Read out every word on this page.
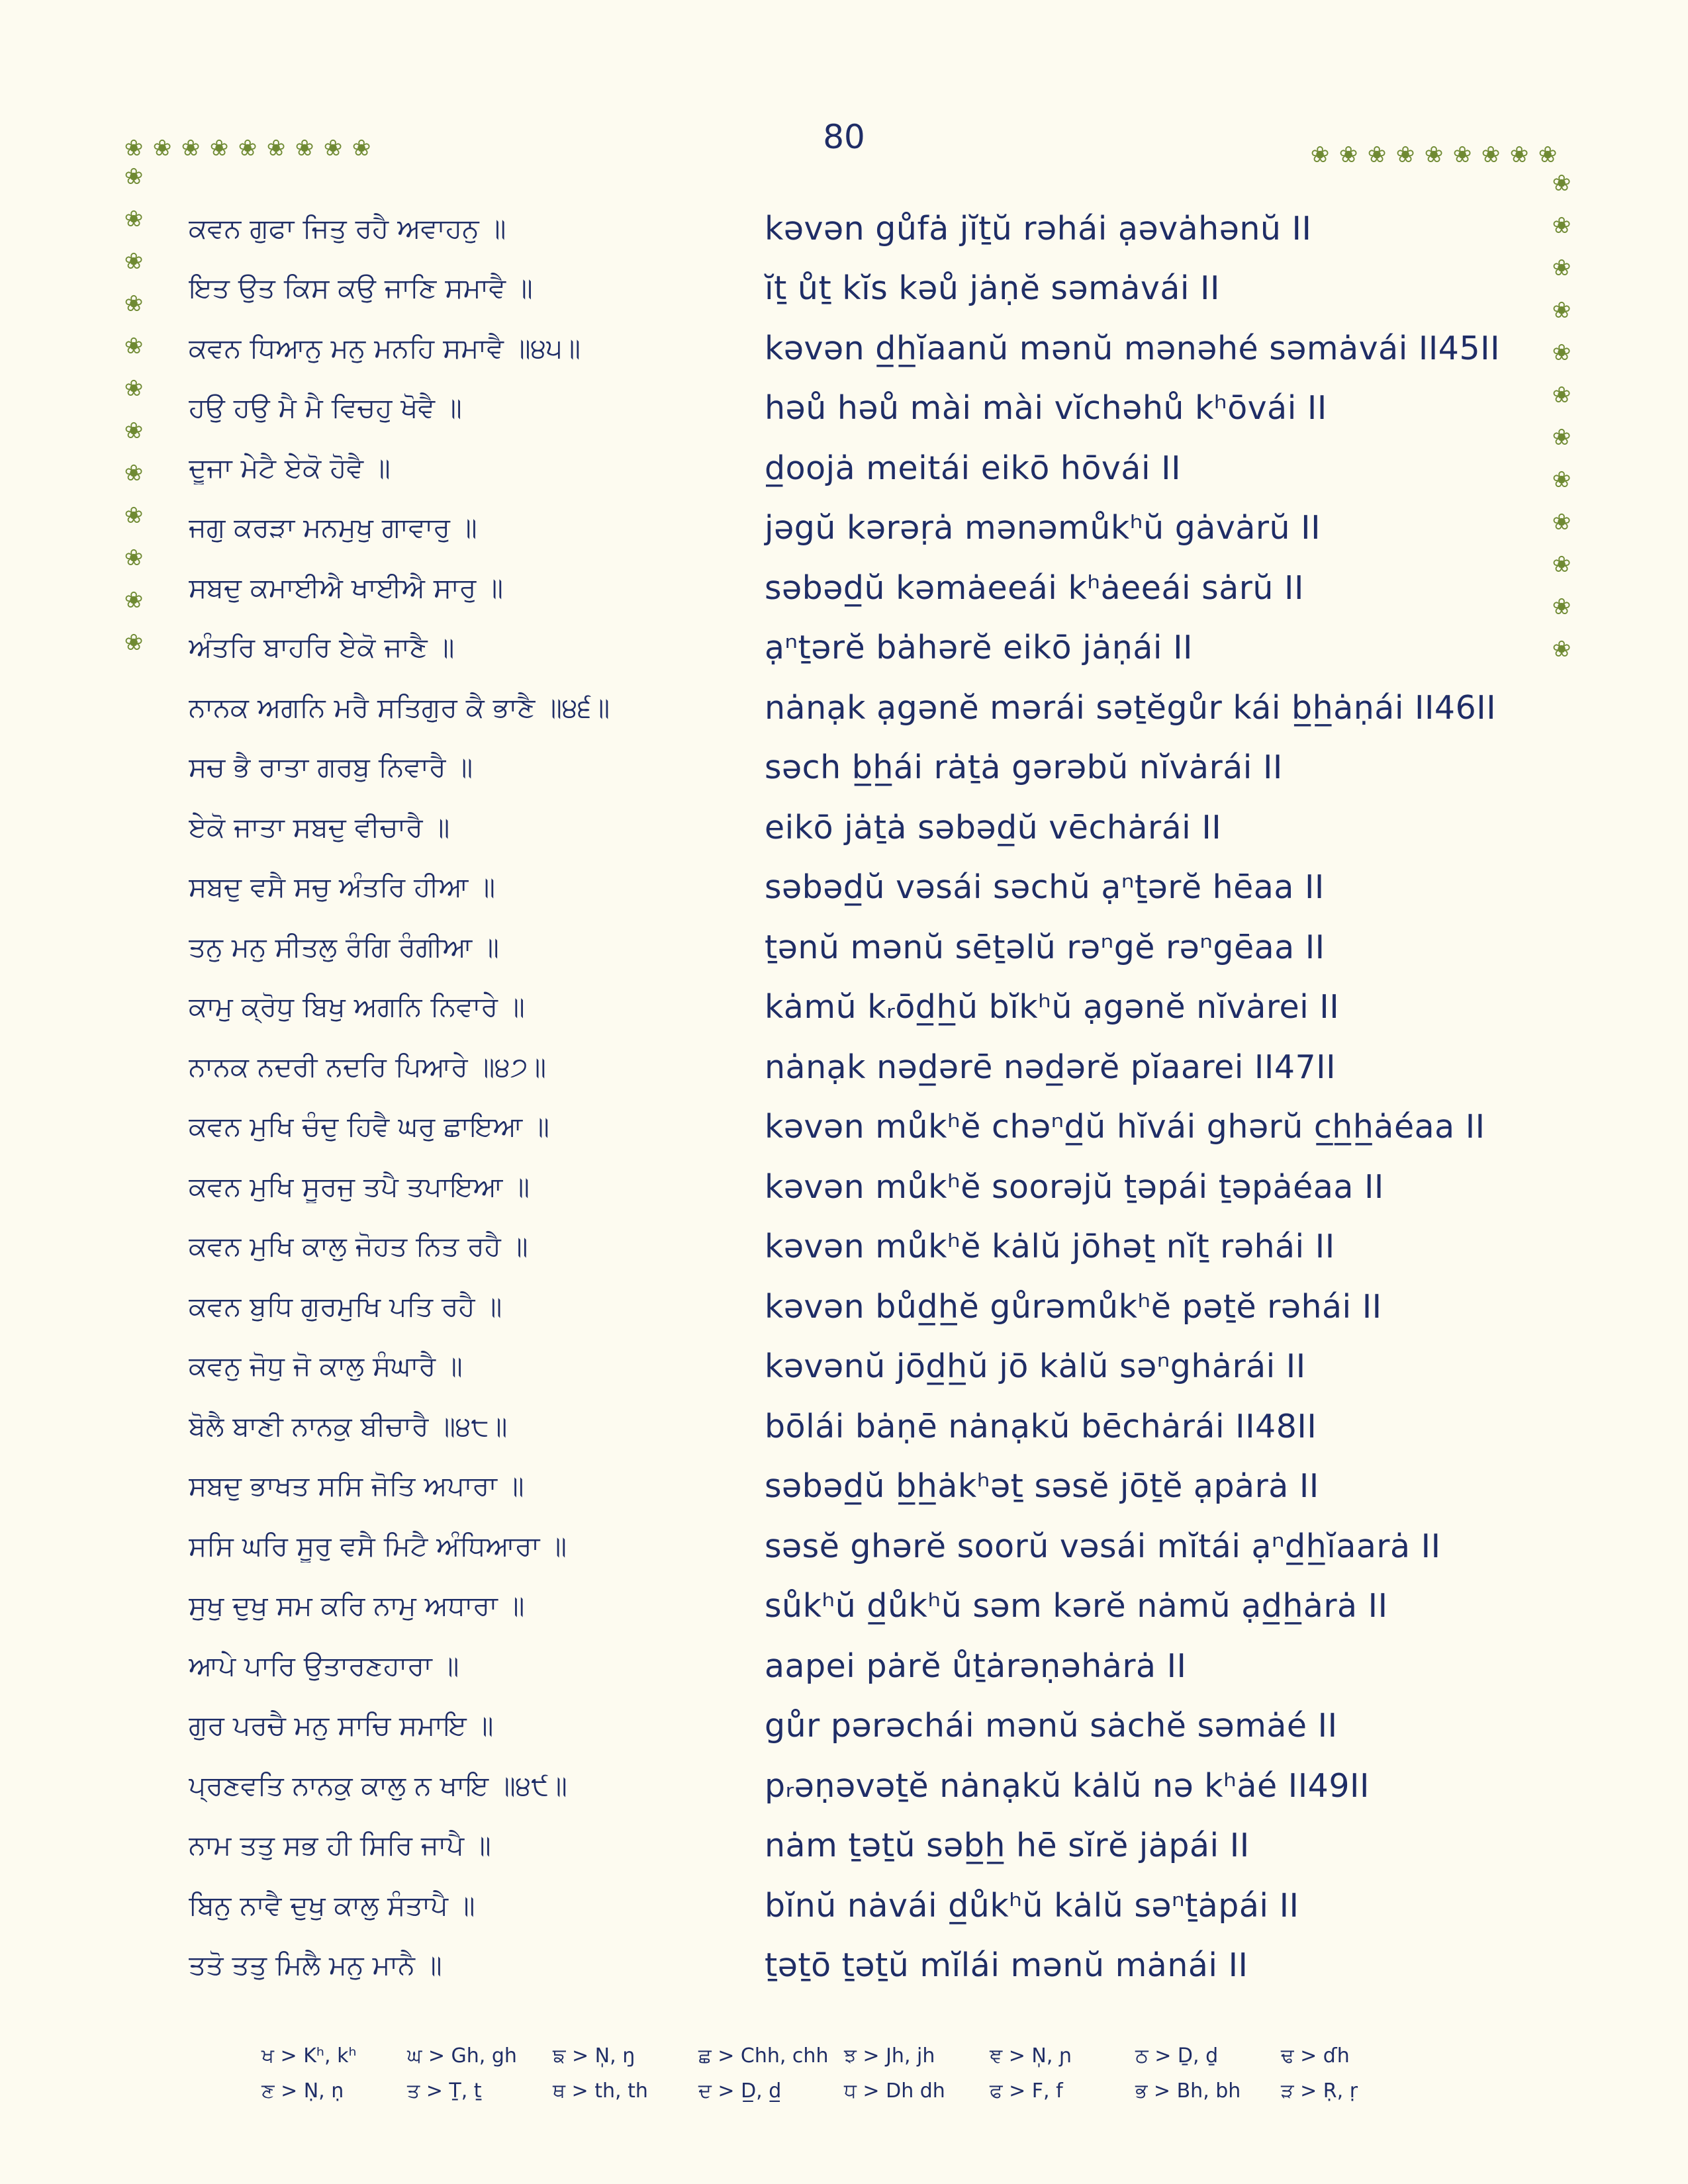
80
❀ ❀ ❀ ❀ ❀ ❀ ❀ ❀ ❀	❀ ❀ ❀ ❀ ❀ ❀ ❀ ❀ ❀
❀
❀
❀
❀
❀
❀
❀
❀
❀
❀
❀
❀
❀
❀
❀
❀
❀
❀
❀
❀
❀
❀
❀
❀
ਕਵਨ ਗੁਫਾ ਜਿਤੁ ਰਹੈ ਅਵਾਹਨੁ ॥	kəvən gůfȧ jĭṯŭ rəhái ạəvȧhənŭ II
ਇਤ ਉਤ ਕਿਸ ਕਉ ਜਾਣਿ ਸਮਾਵੈ ॥	ĭṯ ůṯ kĭs kəů jȧṇĕ səmȧvái II
ਕਵਨ ਧਿਆਨੁ ਮਨੁ ਮਨਹਿ ਸਮਾਵੈ ॥੪੫॥	kəvən d̲h̲ĭaanŭ mənŭ mənəhé səmȧvái II45II
ਹਉ ਹਉ ਮੈ ਮੈ ਵਿਚਹੁ ਖੋਵੈ ॥	həů həů mài mài vĭchəhů kʰōvái II
ਦੂਜਾ ਮੇਟੈ ਏਕੋ ਹੋਵੈ ॥	d̲oojȧ meitái eikō hōvái II
ਜਗੁ ਕਰੜਾ ਮਨਮੁਖੁ ਗਾਵਾਰੁ ॥	jəgŭ kərəṛȧ mənəmůkʰŭ gȧvȧrŭ II
ਸਬਦੁ ਕਮਾਈਐ ਖਾਈਐ ਸਾਰੁ ॥	səbəd̲ŭ kəmȧeeái kʰȧeeái sȧrŭ II
ਅੰਤਰਿ ਬਾਹਰਿ ਏਕੋ ਜਾਣੈ ॥	ạⁿṯərĕ bȧhərĕ eikō jȧṇái II
ਨਾਨਕ ਅਗਨਿ ਮਰੈ ਸਤਿਗੁਰ ਕੈ ਭਾਣੈ ॥੪੬॥	nȧnạk ạgənĕ mərái səṯĕgůr kái b̲h̲ȧṇái II46II
ਸਚ ਭੈ ਰਾਤਾ ਗਰਬੁ ਨਿਵਾਰੈ ॥	səch b̲h̲ái rȧṯȧ gərəbŭ nĭvȧrái II
ਏਕੋ ਜਾਤਾ ਸਬਦੁ ਵੀਚਾਰੈ ॥	eikō jȧṯȧ səbəd̲ŭ vēchȧrái II
ਸਬਦੁ ਵਸੈ ਸਚੁ ਅੰਤਰਿ ਹੀਆ ॥	səbəd̲ŭ vəsái səchŭ ạⁿṯərĕ hēaa II
ਤਨੁ ਮਨੁ ਸੀਤਲੁ ਰੰਗਿ ਰੰਗੀਆ ॥	ṯənŭ mənŭ sēṯəlŭ rəⁿgĕ rəⁿgēaa II
ਕਾਮੁ ਕ੍ਰੋਧੁ ਬਿਖੁ ਅਗਨਿ ਨਿਵਾਰੇ ॥	kȧmŭ kᵣōd̲h̲ŭ bĭkʰŭ ạgənĕ nĭvȧrei II
ਨਾਨਕ ਨਦਰੀ ਨਦਰਿ ਪਿਆਰੇ ॥੪੭॥	nȧnạk nəd̲ərē nəd̲ərĕ pĭaarei II47II
ਕਵਨ ਮੁਖਿ ਚੰਦੁ ਹਿਵੈ ਘਰੁ ਛਾਇਆ ॥	kəvən můkʰĕ chəⁿd̲ŭ hĭvái ghərŭ c̲h̲h̲ȧéaa II
ਕਵਨ ਮੁਖਿ ਸੂਰਜੁ ਤਪੈ ਤਪਾਇਆ ॥	kəvən můkʰĕ soorəjŭ ṯəpái ṯəpȧéaa II
ਕਵਨ ਮੁਖਿ ਕਾਲੁ ਜੋਹਤ ਨਿਤ ਰਹੈ ॥	kəvən můkʰĕ kȧlŭ jōhəṯ nĭṯ rəhái II
ਕਵਨ ਬੁਧਿ ਗੁਰਮੁਖਿ ਪਤਿ ਰਹੈ ॥	kəvən bůd̲h̲ĕ gůrəmůkʰĕ pəṯĕ rəhái II
ਕਵਨੁ ਜੋਧੁ ਜੋ ਕਾਲੁ ਸੰਘਾਰੈ ॥	kəvənŭ jōd̲h̲ŭ jō kȧlŭ səⁿghȧrái II
ਬੋਲੈ ਬਾਣੀ ਨਾਨਕੁ ਬੀਚਾਰੈ ॥੪੮॥	bōlái bȧṇē nȧnạkŭ bēchȧrái II48II
ਸਬਦੁ ਭਾਖਤ ਸਸਿ ਜੋਤਿ ਅਪਾਰਾ ॥	səbəd̲ŭ b̲h̲ȧkʰəṯ səsĕ jōṯĕ ạpȧrȧ II
ਸਸਿ ਘਰਿ ਸੂਰੁ ਵਸੈ ਮਿਟੈ ਅੰਧਿਆਰਾ ॥	səsĕ ghərĕ soorŭ vəsái mĭtái ạⁿd̲h̲ĭaarȧ II
ਸੁਖੁ ਦੁਖੁ ਸਮ ਕਰਿ ਨਾਮੁ ਅਧਾਰਾ ॥	sůkʰŭ d̲ůkʰŭ səm kərĕ nȧmŭ ạd̲h̲ȧrȧ II
ਆਪੇ ਪਾਰਿ ਉਤਾਰਣਹਾਰਾ ॥	aapei pȧrĕ ůṯȧrəṇəhȧrȧ II
ਗੁਰ ਪਰਚੈ ਮਨੁ ਸਾਚਿ ਸਮਾਇ ॥	gůr pərəchái mənŭ sȧchĕ səmȧé II
ਪ੍ਰਣਵਤਿ ਨਾਨਕੁ ਕਾਲੁ ਨ ਖਾਇ ॥੪੯॥	pᵣəṇəvəṯĕ nȧnạkŭ kȧlŭ nə kʰȧé II49II
ਨਾਮ ਤਤੁ ਸਭ ਹੀ ਸਿਰਿ ਜਾਪੈ ॥	nȧm ṯəṯŭ səb̲h̲ hē sĭrĕ jȧpái II
ਬਿਨੁ ਨਾਵੈ ਦੁਖੁ ਕਾਲੁ ਸੰਤਾਪੈ ॥	bĭnŭ nȧvái d̲ůkʰŭ kȧlŭ səⁿṯȧpái II
ਤਤੋ ਤਤੁ ਮਿਲੈ ਮਨੁ ਮਾਨੈ ॥	ṯəṯō ṯəṯŭ mĭlái mənŭ mȧnái II
ਖ > Kʰ, kʰ	ਘ > Gh, gh	ਙ > N̩, ŋ	ਛ > Chh, chh ਝ > Jh, jh	ਞ > N̩, ɲ	ਠ > Ḏ, ḏ	ਢ > ɗh
ਣ > Ṇ, ṇ	ਤ > Ṯ, ṯ	ਥ > th, th	ਦ > D̲, d̲	ਧ > Dh dh	ਫ > F, f	ਭ > Bh, bh	ੜ > Ṛ, ṛ
